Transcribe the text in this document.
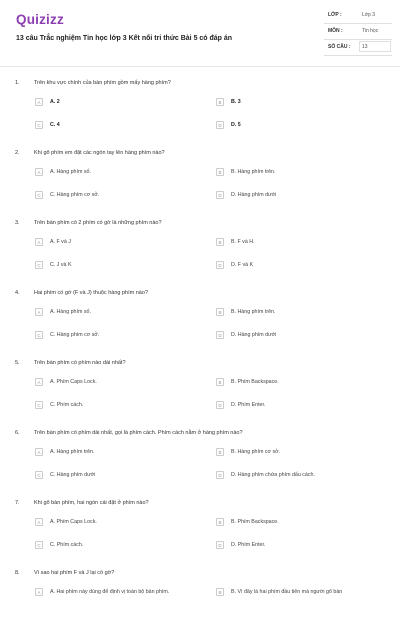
Quizizz
13 câu Trắc nghiệm Tin học lớp 3 Kết nối tri thức Bài 5 có đáp án
LỚP :	Lớp 3
MÔN :	Tin học
SỐ CÂU : 13
1.	Trên khu vực chính của bàn phím gồm mấy hàng phím?
A	A. 2	B	B. 3
C	C. 4	D	D. 5
2.	Khi gõ phím em đặt các ngón tay lên hàng phím nào?
A	A. Hàng phím số.	B	B. Hàng phím trên.
C	C. Hàng phím cơ sở.	D	D. Hàng phím dưới
3.	Trên bàn phím có 2 phím có gờ là những phím nào?
A	A. F và J	B	B. F và H.
C	C. J và K	D	D. F và K
4.	Hai phím có gờ (F và J) thuộc hàng phím nào?
A	A. Hàng phím số.	B	B. Hàng phím trên.
C	C. Hàng phím cơ sở.	D	D. Hàng phím dưới
5.	Trên bàn phím có phím nào dài nhất?
A	A. Phím Caps Lock.	B	B. Phím Backspace.
C	C. Phím cách.	D	D. Phím Enter.
6.	Trên bàn phím có phím dài nhất, gọi là phím cách. Phím cách nằm ở hàng phím nào?
A	A. Hàng phím trên.	B	B. Hàng phím cơ sở.
C	C. Hàng phím dưới	D	D. Hàng phím chứa phím dấu cách.
7.	Khi gõ bàn phím, hai ngón cái đặt ở phím nào?
A	A. Phím Caps Lock.	B	B. Phím Backspace.
C	C. Phím cách.	D	D. Phím Enter.
8.	Vì sao hai phím F và J lại có gờ?
A	A. Hai phím này dùng để định vị toàn bộ bàn phím.	B	B. Vì đây là hai phím đầu tiên mà người gõ bàn
